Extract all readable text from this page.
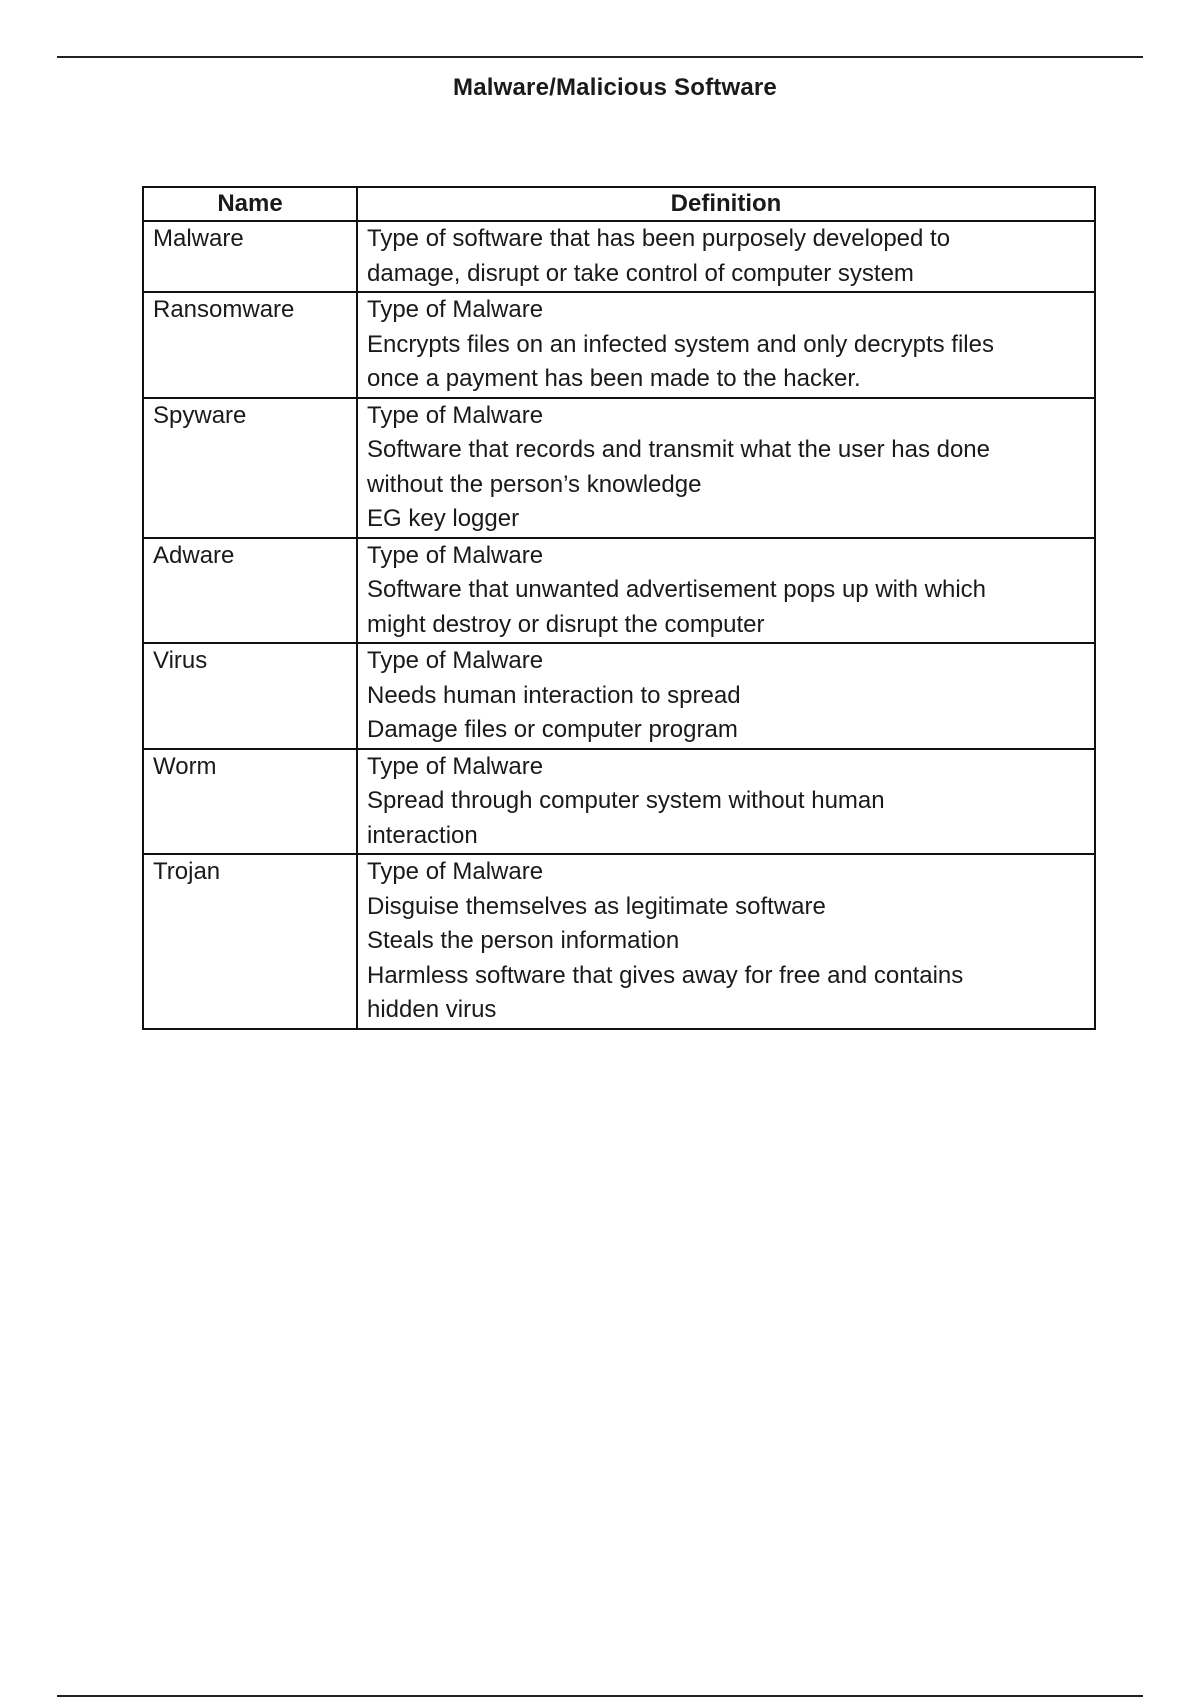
Malware/Malicious Software
Name	Definition
Malware	Type of software that has been purposely developed to
damage, disrupt or take control of computer system

Ransomware	Type of Malware
Encrypts files on an infected system and only decrypts files
once a payment has been made to the hacker.

Spyware	Type of Malware
Software that records and transmit what the user has done
without the person’s knowledge
EG key logger

Adware	Type of Malware
Software that unwanted advertisement pops up with which
might destroy or disrupt the computer

Virus	Type of Malware
Needs human interaction to spread
Damage files or computer program

Worm	Type of Malware
Spread through computer system without human
interaction

Trojan	Type of Malware
Disguise themselves as legitimate software
Steals the person information
Harmless software that gives away for free and contains
hidden virus
